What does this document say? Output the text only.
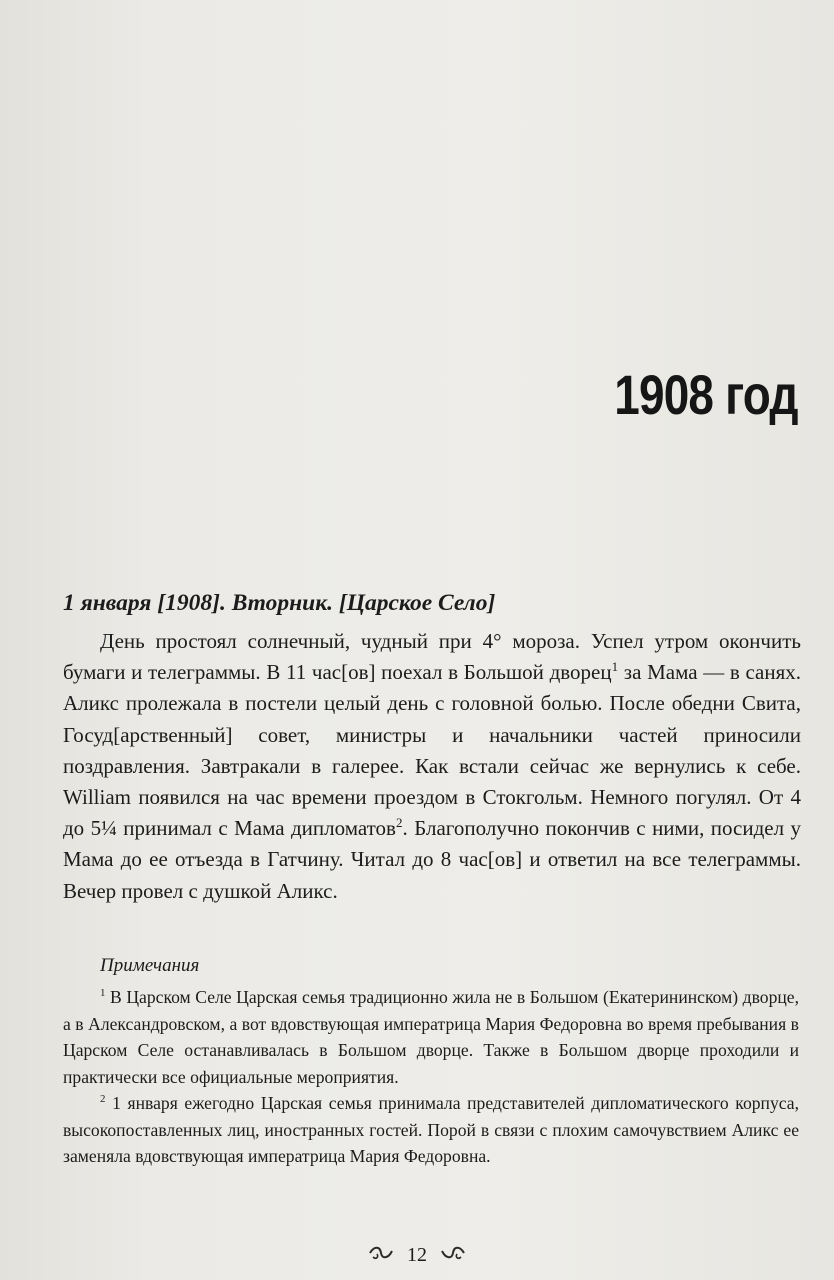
1908 год
1 января [1908]. Вторник. [Царское Село]

День простоял солнечный, чудный при 4° мороза. Успел утром окончить бумаги и телеграммы. В 11 час[ов] поехал в Большой дворец$^1$ за Мама — в санях. Аликс пролежала в постели целый день с головной болью. После обедни Свита, Госуд[арственный] совет, министры и начальники частей приносили поздравления. Завтракали в галерее. Как встали сейчас же вернулись к себе. William появился на час времени проездом в Стокгольм. Немного погулял. От 4 до 5¼ принимал с Мама дипломатов$^2$. Благополучно покончив с ними, посидел у Мама до ее отъезда в Гатчину. Читал до 8 час[ов] и ответил на все телеграммы. Вечер провел с душкой Аликс.

Примечания

$^1$ В Царском Селе Царская семья традиционно жила не в Большом (Екатерининском) дворце, а в Александровском, а вот вдовствующая императрица Мария Федоровна во время пребывания в Царском Селе останавливалась в Большом дворце. Также в Большом дворце проходили и практически все официальные мероприятия.

$^2$ 1 января ежегодно Царская семья принимала представителей дипломатического корпуса, высокопоставленных лиц, иностранных гостей. Порой в связи с плохим самочувствием Аликс ее заменяла вдовствующая императрица Мария Федоровна.

12
